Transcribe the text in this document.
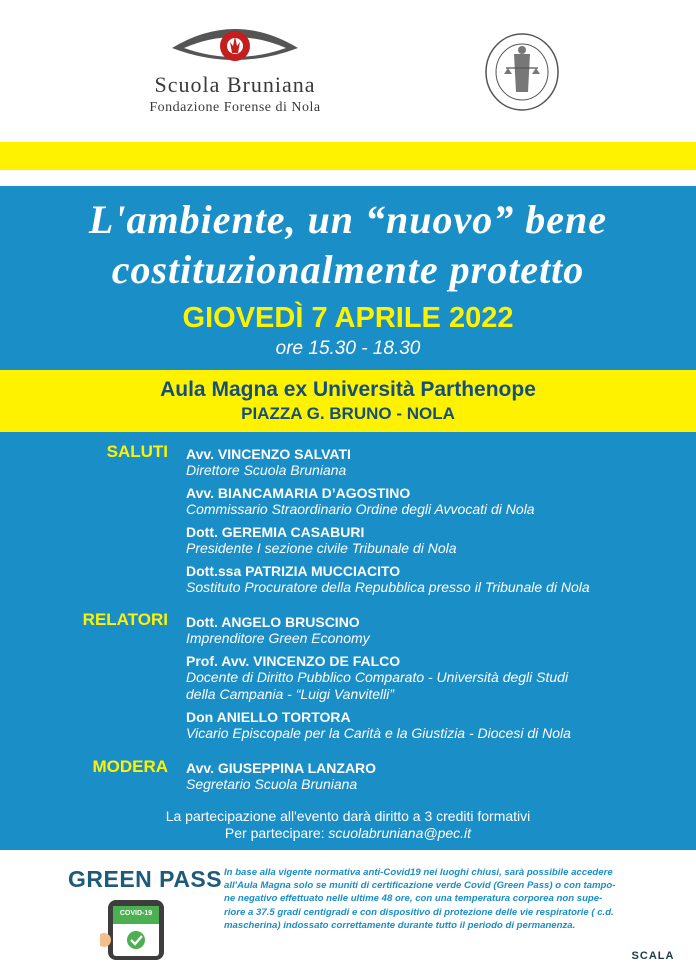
Scuola Bruniana
Fondazione Forense di Nola
L'ambiente, un “nuovo” bene
costituzionalmente protetto
GIOVEDÌ 7 APRILE 2022
ore 15.30 - 18.30
Aula Magna ex Università Parthenope
PIAZZA G. BRUNO - NOLA
SALUTI Avv. VINCENZO SALVATI
Direttore Scuola Bruniana
Avv. BIANCAMARIA D’AGOSTINO
Commissario Straordinario Ordine degli Avvocati di Nola
Dott. GEREMIA CASABURI
Presidente I sezione civile Tribunale di Nola
Dott.ssa PATRIZIA MUCCIACITO
Sostituto Procuratore della Repubblica presso il Tribunale di Nola
RELATORI Dott. ANGELO BRUSCINO
Imprenditore Green Economy
Prof. Avv. VINCENZO DE FALCO
Docente di Diritto Pubblico Comparato - Università degli Studi
della Campania - “Luigi Vanvitelli”
Don ANIELLO TORTORA
Vicario Episcopale per la Carità e la Giustizia - Diocesi di Nola
MODERA Avv. GIUSEPPINA LANZARO
Segretario Scuola Bruniana
La partecipazione all'evento darà diritto a 3 crediti formativi
Per partecipare: scuolabruniana@pec.it
GREEN PASS
COVID-19
In base alla vigente normativa anti-Covid19 nei luoghi chiusi, sarà possibile accedere
all'Aula Magna solo se muniti di certificazione verde Covid (Green Pass) o con tampo-
ne negativo effettuato nelle ultime 48 ore, con una temperatura corporea non supe-
riore a 37.5 gradi centigradi e con dispositivo di protezione delle vie respiratorie ( c.d.
mascherina) indossato correttamente durante tutto il periodo di permanenza.
SCALA
